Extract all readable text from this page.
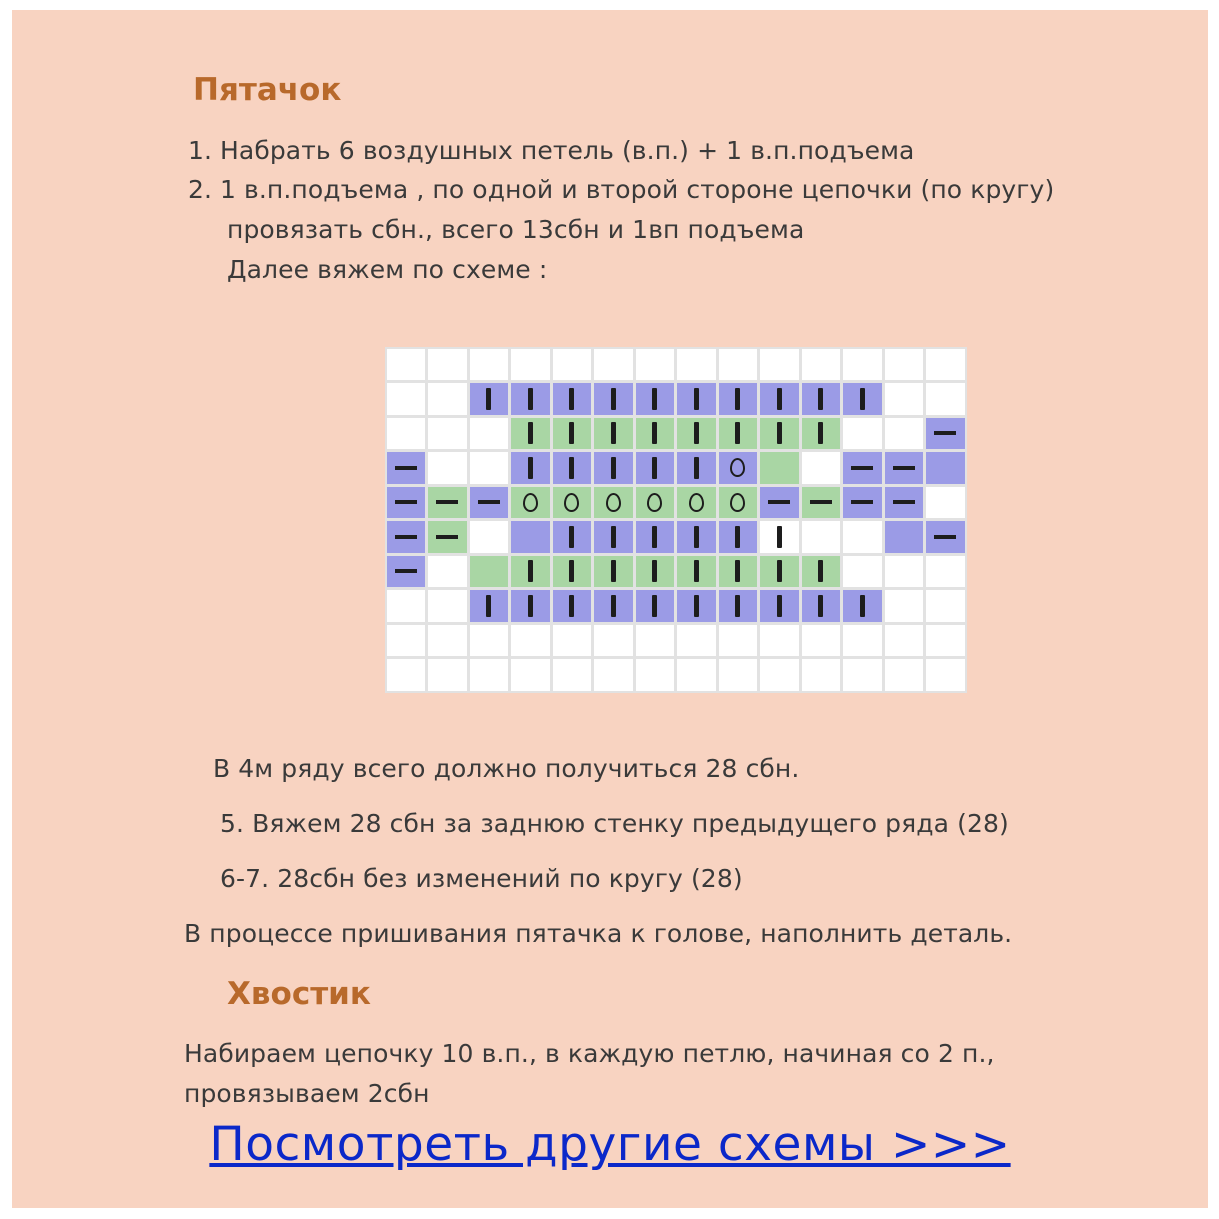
Пятачок
1. Набрать 6 воздушных петель (в.п.) + 1 в.п.подъема
2. 1 в.п.подъема , по одной и второй стороне цепочки (по кругу)
провязать сбн., всего 13сбн и 1вп подъема
Далее вяжем по схеме :
В 4м ряду всего должно получиться 28 сбн.
5. Вяжем 28 сбн за заднюю стенку предыдущего ряда (28)
6-7. 28сбн без изменений по кругу (28)
В процессе пришивания пятачка к голове, наполнить деталь.
Хвостик
Набираем цепочку 10 в.п., в каждую петлю, начиная со 2 п.,
провязываем 2сбн
Посмотреть другие схемы >>>
